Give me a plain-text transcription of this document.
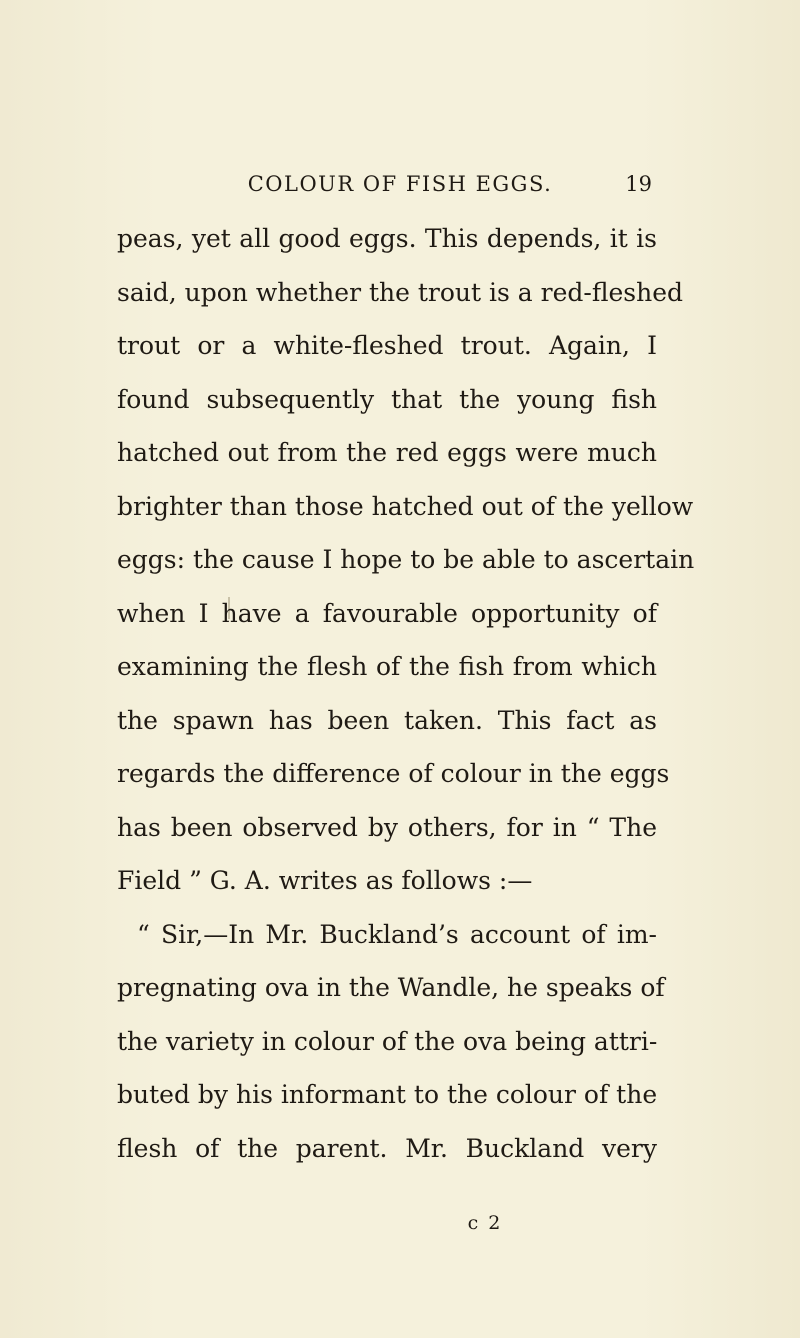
COLOUR OF FISH EGGS.	19
peas, yet all good eggs. This depends, it is
said, upon whether the trout is a red-fleshed
trout or a white-fleshed trout. Again, I
found subsequently that the young fish
hatched out from the red eggs were much
brighter than those hatched out of the yellow
eggs: the cause I hope to be able to ascertain
when I have a favourable opportunity of
examining the flesh of the fish from which
the spawn has been taken. This fact as
regards the difference of colour in the eggs
has been observed by others, for in “ The
Field ” G. A. writes as follows :—
“ Sir,—In Mr. Buckland’s account of im-
pregnating ova in the Wandle, he speaks of
the variety in colour of the ova being attri-
buted by his informant to the colour of the
flesh of the parent. Mr. Buckland very
c 2
